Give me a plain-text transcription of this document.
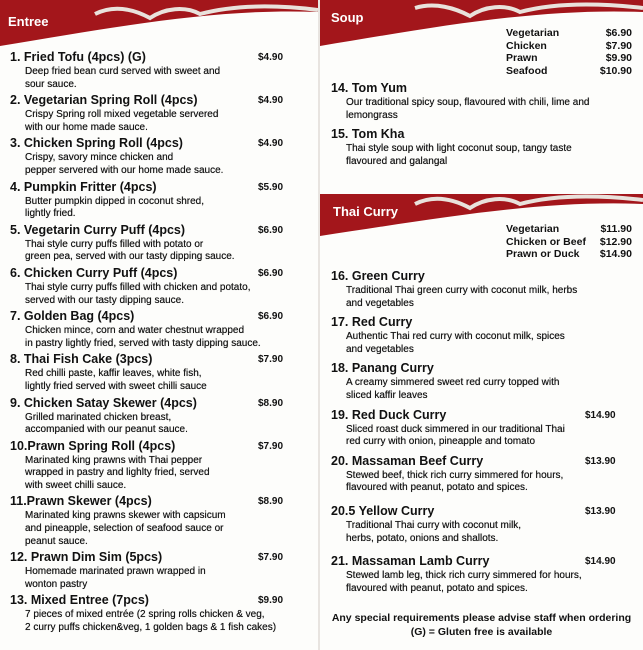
Entree	Soup
Thai Curry
1. Fried Tofu (4pcs) (G)	$4.90
Deep fried bean curd served with sweet and
sour sauce.
2. Vegetarian Spring Roll (4pcs)	$4.90
Crispy Spring roll mixed vegetable servered
with our home made sauce.
3. Chicken Spring Roll (4pcs)	$4.90
Crispy, savory mince chicken and
pepper servered with our home made sauce.
4. Pumpkin Fritter (4pcs)	$5.90
Butter pumpkin dipped in coconut shred,
lightly fried.
5. Vegetarin Curry Puff (4pcs)	$6.90
Thai style curry puffs filled with potato or
green pea, served with our tasty dipping sauce.
6. Chicken Curry Puff (4pcs)	$6.90
Thai style curry puffs filled with chicken and potato,
served with our tasty dipping sauce.
7. Golden Bag (4pcs)	$6.90
Chicken mince, corn and water chestnut wrapped
in pastry lightly fried, served with tasty dipping sauce.
8. Thai Fish Cake (3pcs)	$7.90
Red chilli paste, kaffir leaves, white fish,
lightly fried served with sweet chilli sauce
9. Chicken Satay Skewer (4pcs)	$8.90
Grilled marinated chicken breast,
accompanied with our peanut sauce.
10.Prawn Spring Roll (4pcs)	$7.90
Marinated king prawns with Thai pepper
wrapped in pastry and lighlty fried, served
with sweet chilli sauce.
11.Prawn Skewer (4pcs)	$8.90
Marinated king prawns skewer with capsicum
and pineapple, selection of seafood sauce or
peanut sauce.
12. Prawn Dim Sim (5pcs)	$7.90
Homemade marinated prawn wrapped in
wonton pastry
13. Mixed Entree (7pcs)	$9.90
7 pieces of mixed entrée (2 spring rolls chicken & veg,
2 curry puffs chicken&veg, 1 golden bags & 1 fish cakes)
Vegetarian	$6.90
Chicken	$7.90
Prawn	$9.90
Seafood	$10.90
14. Tom Yum
Our traditional spicy soup, flavoured with chili, lime and
lemongrass
15. Tom Kha
Thai style soup with light coconut soup, tangy taste
flavoured and galangal
Vegetarian	$11.90
Chicken or Beef $12.90
Prawn or Duck $14.90
16. Green Curry
Traditional Thai green curry with coconut milk, herbs
and vegetables
17. Red Curry
Authentic Thai red curry with coconut milk, spices
and vegetables
18. Panang Curry
A creamy simmered sweet red curry topped with
sliced kaffir leaves
19. Red Duck Curry	$14.90
Sliced roast duck simmered in our traditional Thai
red curry with onion, pineapple and tomato
20. Massaman Beef Curry	$13.90
Stewed beef, thick rich curry simmered for hours,
flavoured with peanut, potato and spices.
20.5 Yellow Curry	$13.90
Traditional Thai curry with coconut milk,
herbs, potato, onions and shallots.
21. Massaman Lamb Curry	$14.90
Stewed lamb leg, thick rich curry simmered for hours,
flavoured with peanut, potato and spices.
Any special requirements please advise staff when ordering
(G) = Gluten free is available
